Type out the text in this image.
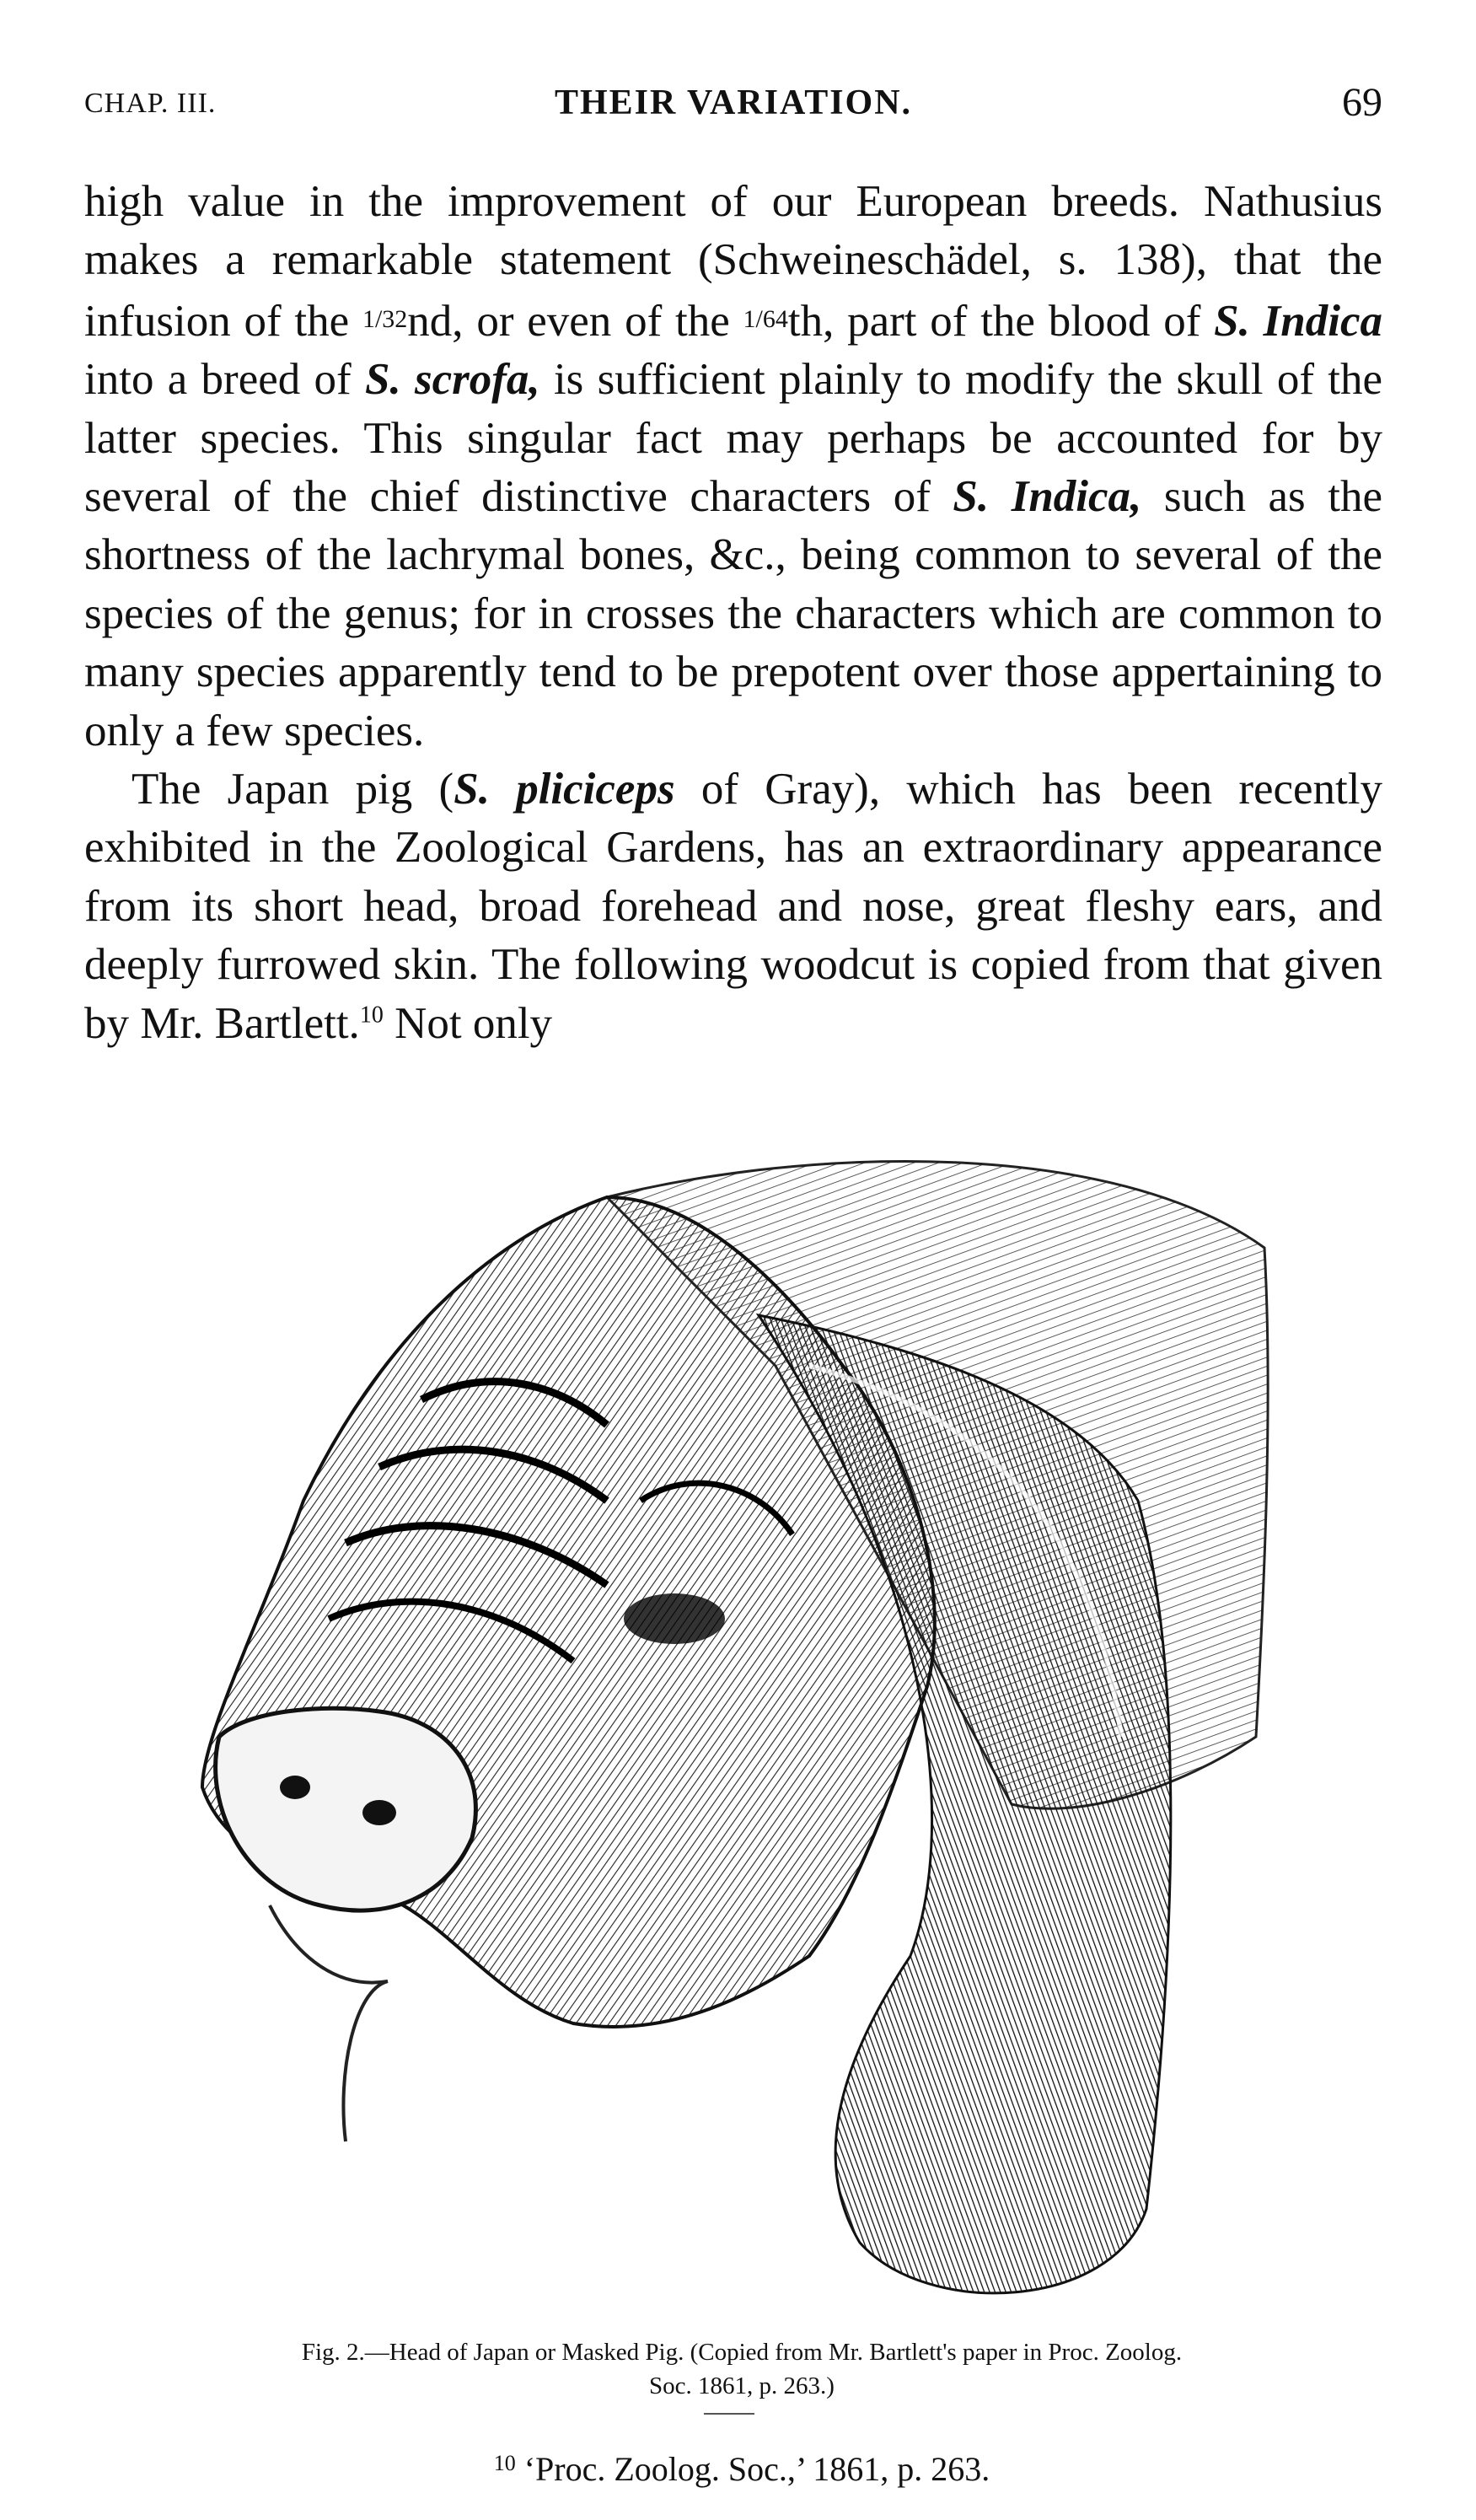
CHAP. III.	THEIR VARIATION.	69

high value in the improvement of our European breeds. Nathusius makes a remarkable statement (Schweineschädel, s. 138), that the infusion of the 1/32nd, or even of the 1/64th, part of the blood of S. Indica into a breed of S. scrofa, is sufficient plainly to modify the skull of the latter species. This singular fact may perhaps be accounted for by several of the chief distinctive characters of S. Indica, such as the shortness of the lachrymal bones, &c., being common to several of the species of the genus; for in crosses the characters which are common to many species apparently tend to be prepotent over those appertaining to only a few species.

The Japan pig (S. pliciceps of Gray), which has been recently exhibited in the Zoological Gardens, has an extraordinary appearance from its short head, broad forehead and nose, great fleshy ears, and deeply furrowed skin. The following woodcut is copied from that given by Mr. Bartlett.$^{10}$ Not only

Fig. 2.—Head of Japan or Masked Pig. (Copied from Mr. Bartlett's paper in Proc. Zoolog.
Soc. 1861, p. 263.)
$^{10}$ ‘Proc. Zoolog. Soc.,’ 1861, p. 263.
